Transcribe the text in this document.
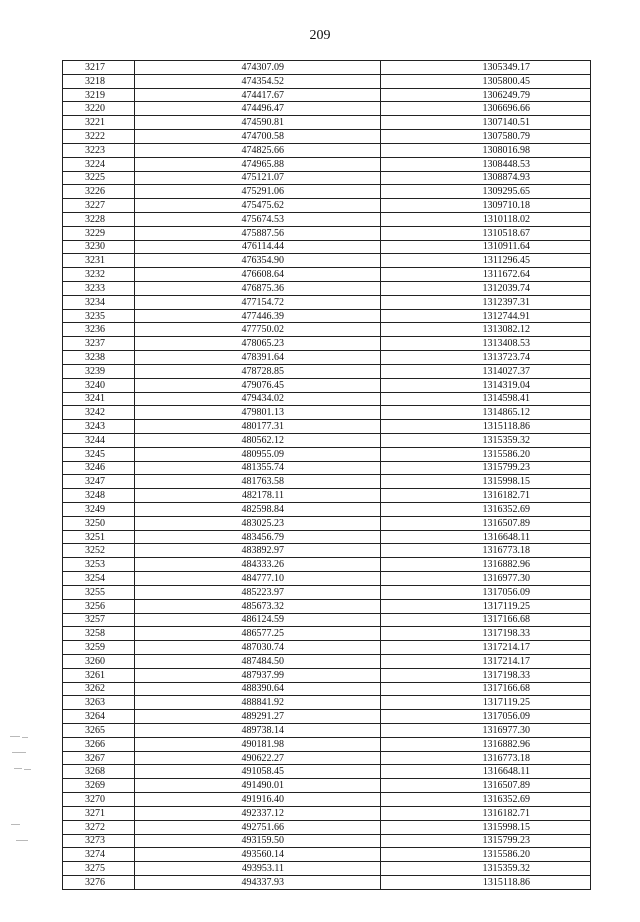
209
3217	474307.09	1305349.17
3218	474354.52	1305800.45
3219	474417.67	1306249.79
3220	474496.47	1306696.66
3221	474590.81	1307140.51
3222	474700.58	1307580.79
3223	474825.66	1308016.98
3224	474965.88	1308448.53
3225	475121.07	1308874.93
3226	475291.06	1309295.65
3227	475475.62	1309710.18
3228	475674.53	1310118.02
3229	475887.56	1310518.67
3230	476114.44	1310911.64
3231	476354.90	1311296.45
3232	476608.64	1311672.64
3233	476875.36	1312039.74
3234	477154.72	1312397.31
3235	477446.39	1312744.91
3236	477750.02	1313082.12
3237	478065.23	1313408.53
3238	478391.64	1313723.74
3239	478728.85	1314027.37
3240	479076.45	1314319.04
3241	479434.02	1314598.41
3242	479801.13	1314865.12
3243	480177.31	1315118.86
3244	480562.12	1315359.32
3245	480955.09	1315586.20
3246	481355.74	1315799.23
3247	481763.58	1315998.15
3248	482178.11	1316182.71
3249	482598.84	1316352.69
3250	483025.23	1316507.89
3251	483456.79	1316648.11
3252	483892.97	1316773.18
3253	484333.26	1316882.96
3254	484777.10	1316977.30
3255	485223.97	1317056.09
3256	485673.32	1317119.25
3257	486124.59	1317166.68
3258	486577.25	1317198.33
3259	487030.74	1317214.17
3260	487484.50	1317214.17
3261	487937.99	1317198.33
3262	488390.64	1317166.68
3263	488841.92	1317119.25
3264	489291.27	1317056.09
3265	489738.14	1316977.30
3266	490181.98	1316882.96
3267	490622.27	1316773.18
3268	491058.45	1316648.11
3269	491490.01	1316507.89
3270	491916.40	1316352.69
3271	492337.12	1316182.71
3272	492751.66	1315998.15
3273	493159.50	1315799.23
3274	493560.14	1315586.20
3275	493953.11	1315359.32
3276	494337.93	1315118.86
